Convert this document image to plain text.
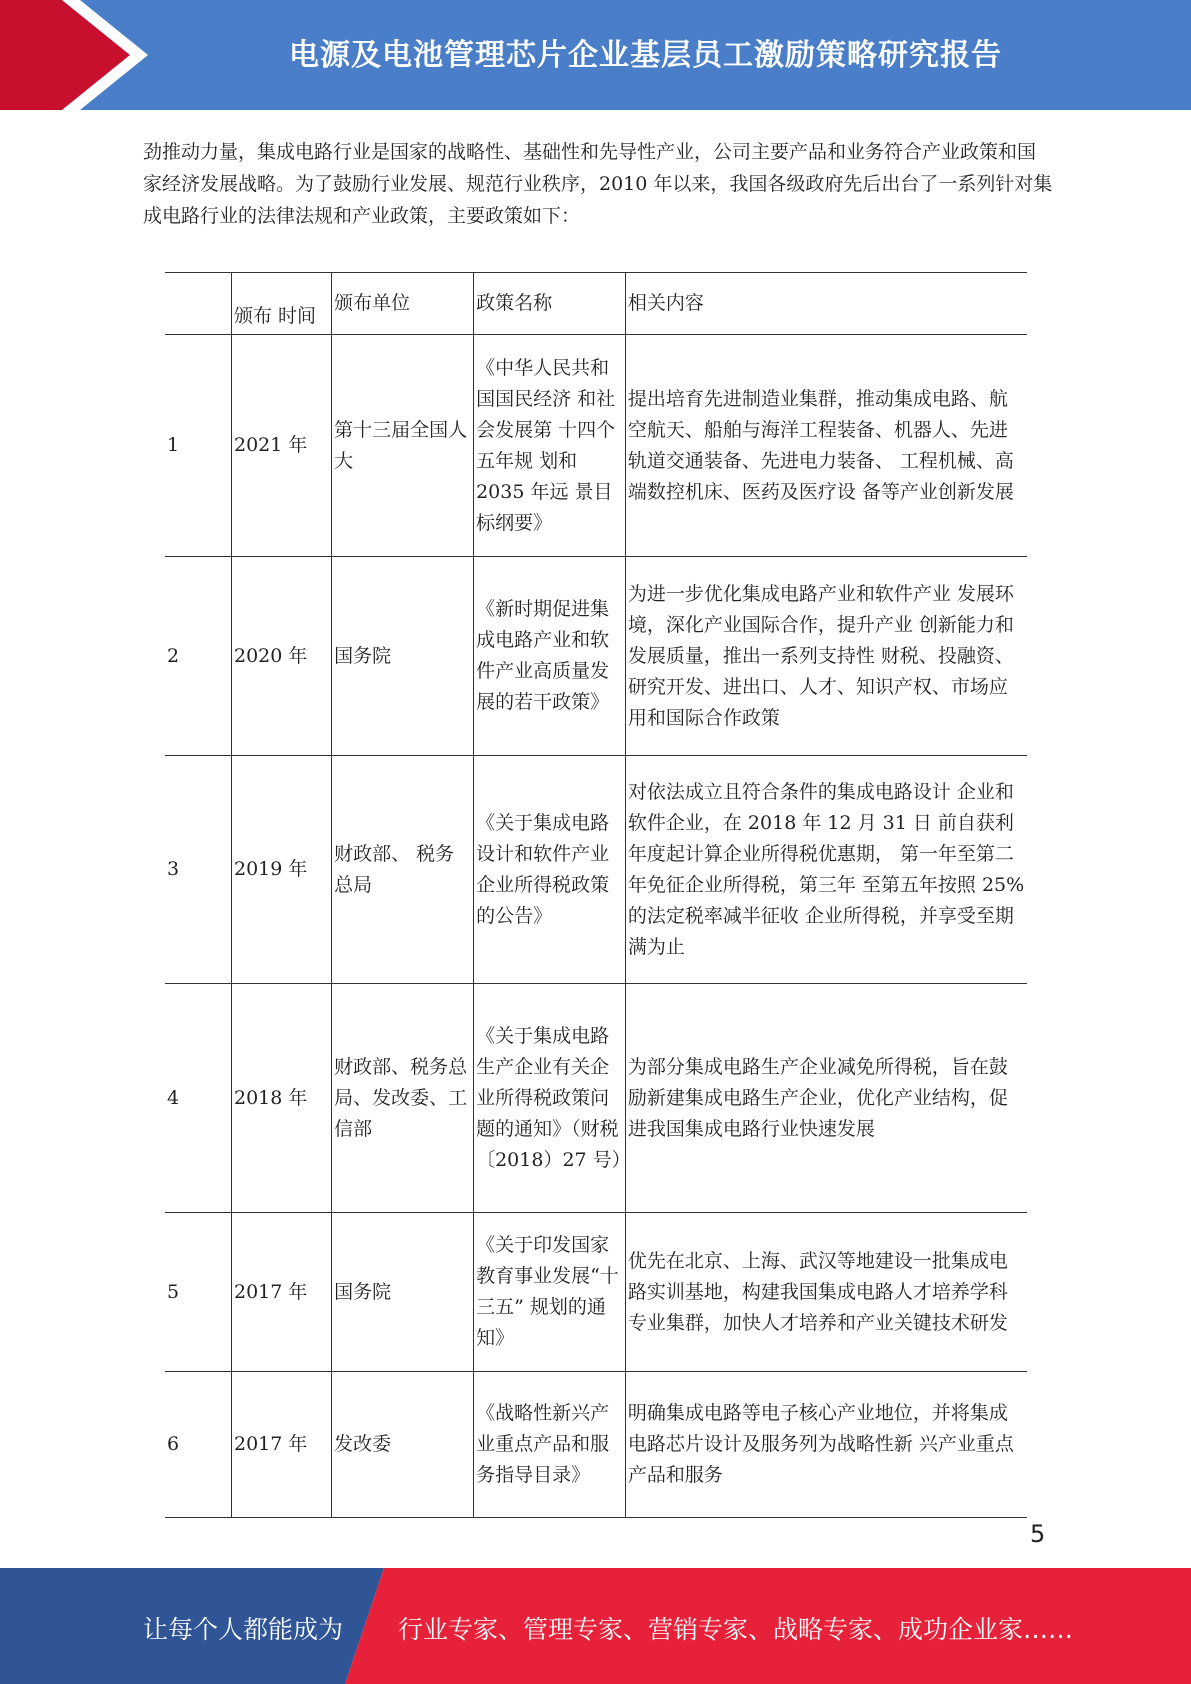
电源及电池管理芯片企业基层员工激励策略研究报告

劲推动力量，集成电路行业是国家的战略性、基础性和先导性产业，公司主要产品和业务符合产业政策和国家经济发展战略。为了鼓励行业发展、规范行业秩序，2010 年以来，我国各级政府先后出台了一系列针对集成电路行业的法律法规和产业政策，主要政策如下：

	颁布 时间	颁布单位	政策名称	相关内容
1	2021 年	第十三届全国人大	《中华人民共和国国民经济 和社会发展第 十四个五年规 划和 2035 年远 景目标纲要》	提出培育先进制造业集群，推动集成电路、航空航天、船舶与海洋工程装备、机器人、先进轨道交通装备、先进电力装备、 工程机械、高端数控机床、医药及医疗设 备等产业创新发展
2	2020 年	国务院	《新时期促进集成电路产业和软件产业高质量发展的若干政策》	为进一步优化集成电路产业和软件产业 发展环境，深化产业国际合作，提升产业 创新能力和发展质量，推出一系列支持性 财税、投融资、研究开发、进出口、人才、知识产权、市场应用和国际合作政策
3	2019 年	财政部、 税务总局	《关于集成电路设计和软件产业企业所得税政策的公告》	对依法成立且符合条件的集成电路设计 企业和软件企业，在 2018 年 12 月 31 日 前自获利年度起计算企业所得税优惠期， 第一年至第二年免征企业所得税，第三年 至第五年按照 25%的法定税率减半征收 企业所得税，并享受至期满为止
4	2018 年	财政部、税务总局、发改委、工信部	《关于集成电路生产企业有关企业所得税政策问题的通知》（财税〔2018）27 号）	为部分集成电路生产企业减免所得税，旨在鼓励新建集成电路生产企业，优化产业结构，促进我国集成电路行业快速发展
5	2017 年	国务院	《关于印发国家教育事业发展“十三五” 规划的通知》	优先在北京、上海、武汉等地建设一批集成电路实训基地，构建我国集成电路人才培养学科专业集群，加快人才培养和产业关键技术研发
6	2017 年	发改委	《战略性新兴产业重点产品和服务指导目录》	明确集成电路等电子核心产业地位，并将集成电路芯片设计及服务列为战略性新 兴产业重点产品和服务
5
让每个人都能成为 行业专家、管理专家、营销专家、战略专家、成功企业家……
